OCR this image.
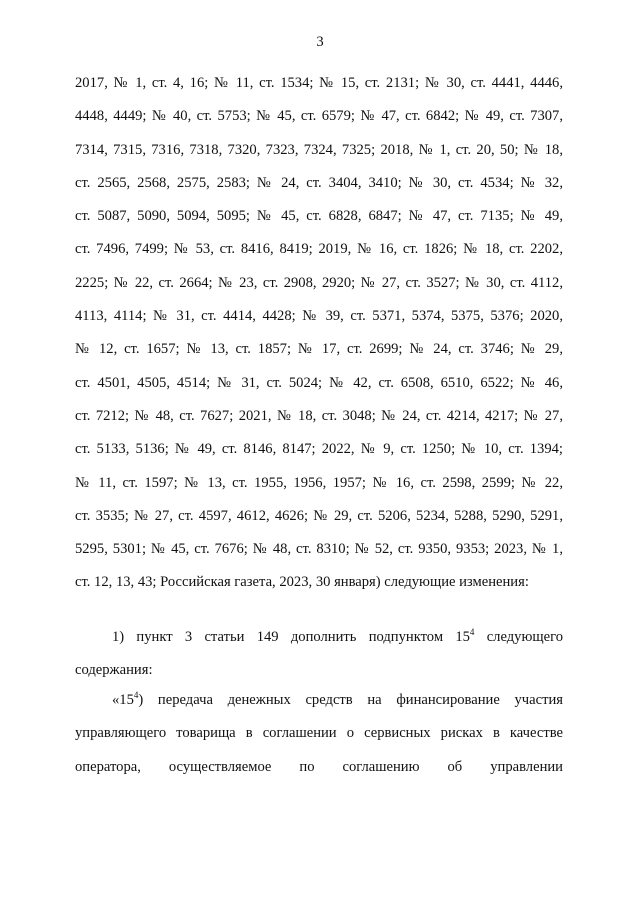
3
2017, № 1, ст. 4, 16; № 11, ст. 1534; № 15, ст. 2131; № 30, ст. 4441, 4446,
4448, 4449; № 40, ст. 5753; № 45, ст. 6579; № 47, ст. 6842; № 49, ст. 7307,
7314, 7315, 7316, 7318, 7320, 7323, 7324, 7325; 2018, № 1, ст. 20, 50; № 18,
ст. 2565, 2568, 2575, 2583; № 24, ст. 3404, 3410; № 30, ст. 4534; № 32,
ст. 5087, 5090, 5094, 5095; № 45, ст. 6828, 6847; № 47, ст. 7135; № 49,
ст. 7496, 7499; № 53, ст. 8416, 8419; 2019, № 16, ст. 1826; № 18, ст. 2202,
2225; № 22, ст. 2664; № 23, ст. 2908, 2920; № 27, ст. 3527; № 30, ст. 4112,
4113, 4114; № 31, ст. 4414, 4428; № 39, ст. 5371, 5374, 5375, 5376; 2020,
№ 12, ст. 1657; № 13, ст. 1857; № 17, ст. 2699; № 24, ст. 3746; № 29,
ст. 4501, 4505, 4514; № 31, ст. 5024; № 42, ст. 6508, 6510, 6522; № 46,
ст. 7212; № 48, ст. 7627; 2021, № 18, ст. 3048; № 24, ст. 4214, 4217; № 27,
ст. 5133, 5136; № 49, ст. 8146, 8147; 2022, № 9, ст. 1250; № 10, ст. 1394;
№ 11, ст. 1597; № 13, ст. 1955, 1956, 1957; № 16, ст. 2598, 2599; № 22,
ст. 3535; № 27, ст. 4597, 4612, 4626; № 29, ст. 5206, 5234, 5288, 5290, 5291,
5295, 5301; № 45, ст. 7676; № 48, ст. 8310; № 52, ст. 9350, 9353; 2023, № 1,
ст. 12, 13, 43; Российская газета, 2023, 30 января) следующие изменения:
1) пункт 3 статьи 149 дополнить подпунктом $15^4$ следующего
содержания:
«$15^4$) передача денежных средств на финансирование участия
управляющего товарища в соглашении о сервисных рисках в качестве
оператора, осуществляемое по соглашению об управлении
